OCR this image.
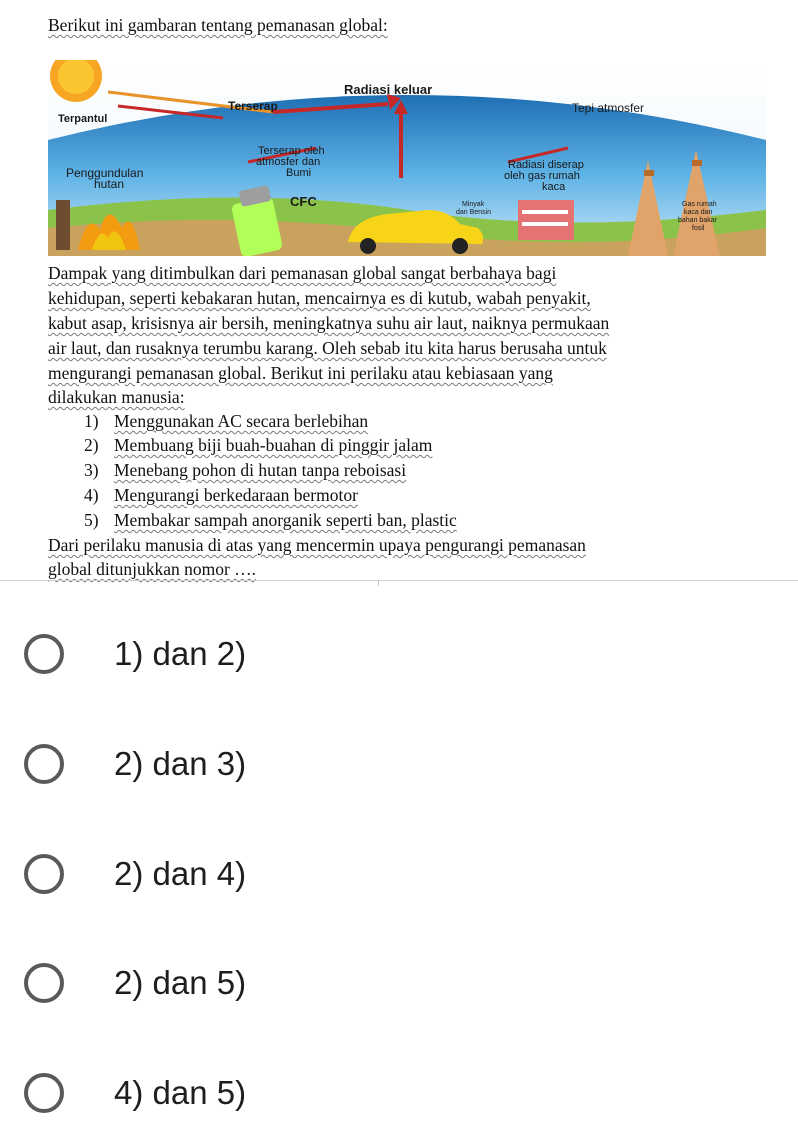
Berikut ini gambaran tentang pemanasan global:
Radiasi keluar
Terserap
Terpantul
Tepi atmosfer
Terserap oleh
atmosfer dan
Bumi
Penggundulan
hutan
Radiasi diserap
oleh gas rumah
kaca
CFC	Minyak
dan Bensin
Gas rumah
kaca dan
bahan bakar
fosil
Dampak yang ditimbulkan dari pemanasan global sangat berbahaya bagi
kehidupan, seperti kebakaran hutan, mencairnya es di kutub, wabah penyakit,
kabut asap, krisisnya air bersih, meningkatnya suhu air laut, naiknya permukaan
air laut, dan rusaknya terumbu karang. Oleh sebab itu kita harus berusaha untuk
mengurangi pemanasan global. Berikut ini perilaku atau kebiasaan yang
dilakukan manusia:
1) Menggunakan AC secara berlebihan
2) Membuang biji buah-buahan di pinggir jalam
3) Menebang pohon di hutan tanpa reboisasi
4) Mengurangi berkedaraan bermotor
5) Membakar sampah anorganik seperti ban, plastic
Dari perilaku manusia di atas yang mencermin upaya pengurangi pemanasan
global ditunjukkan nomor ….
1) dan 2)
2) dan 3)
2) dan 4)
2) dan 5)
4) dan 5)
